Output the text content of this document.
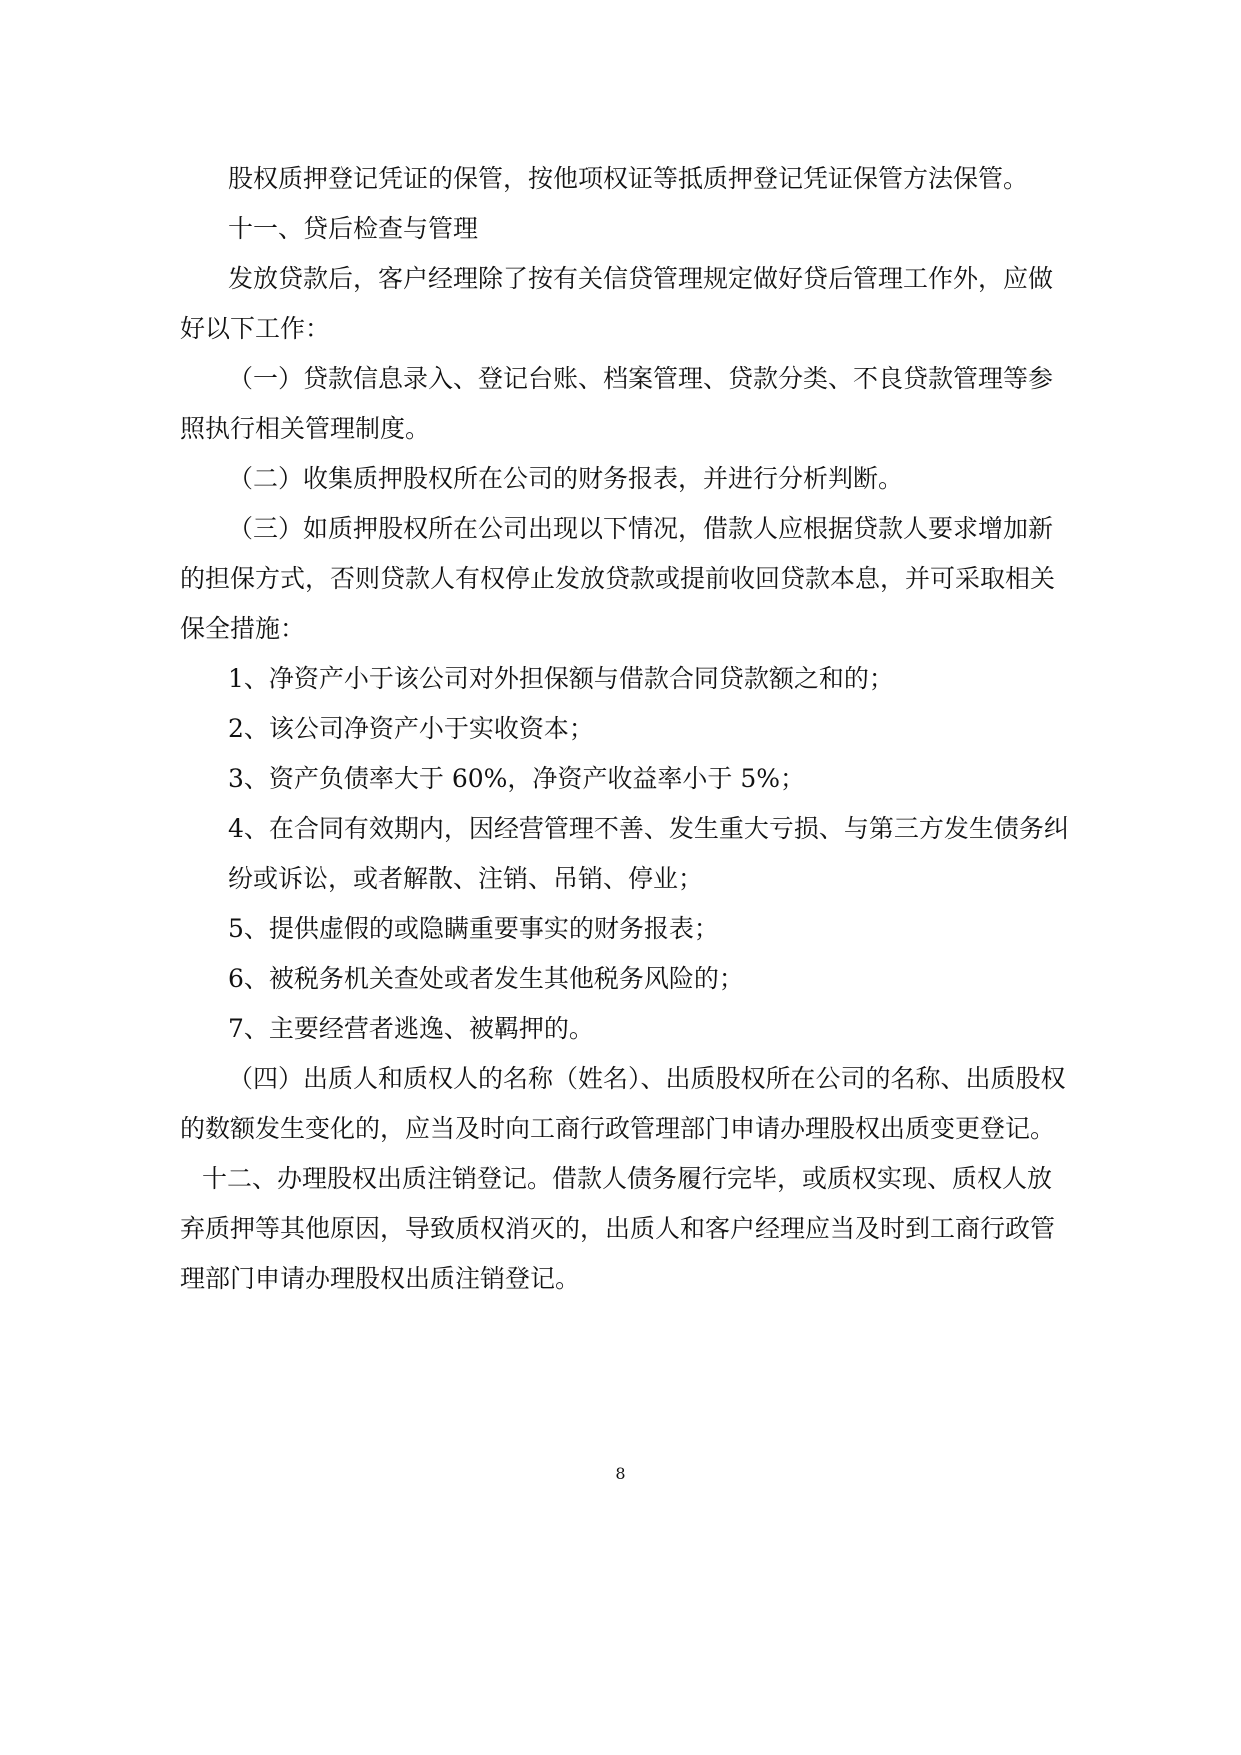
股权质押登记凭证的保管，按他项权证等抵质押登记凭证保管方法保管。
十一、贷后检查与管理
发放贷款后，客户经理除了按有关信贷管理规定做好贷后管理工作外，应做
好以下工作：
（一）贷款信息录入、登记台账、档案管理、贷款分类、不良贷款管理等参
照执行相关管理制度。
（二）收集质押股权所在公司的财务报表，并进行分析判断。
（三）如质押股权所在公司出现以下情况，借款人应根据贷款人要求增加新
的担保方式，否则贷款人有权停止发放贷款或提前收回贷款本息，并可采取相关
保全措施：
1、净资产小于该公司对外担保额与借款合同贷款额之和的；
2、该公司净资产小于实收资本；
3、资产负债率大于 60%，净资产收益率小于 5%；
4、在合同有效期内，因经营管理不善、发生重大亏损、与第三方发生债务纠
纷或诉讼，或者解散、注销、吊销、停业；
5、提供虚假的或隐瞒重要事实的财务报表；
6、被税务机关查处或者发生其他税务风险的；
7、主要经营者逃逸、被羁押的。
（四）出质人和质权人的名称（姓名）、出质股权所在公司的名称、出质股权
的数额发生变化的，应当及时向工商行政管理部门申请办理股权出质变更登记。
十二、办理股权出质注销登记。借款人债务履行完毕，或质权实现、质权人放
弃质押等其他原因，导致质权消灭的，出质人和客户经理应当及时到工商行政管
理部门申请办理股权出质注销登记。
8
